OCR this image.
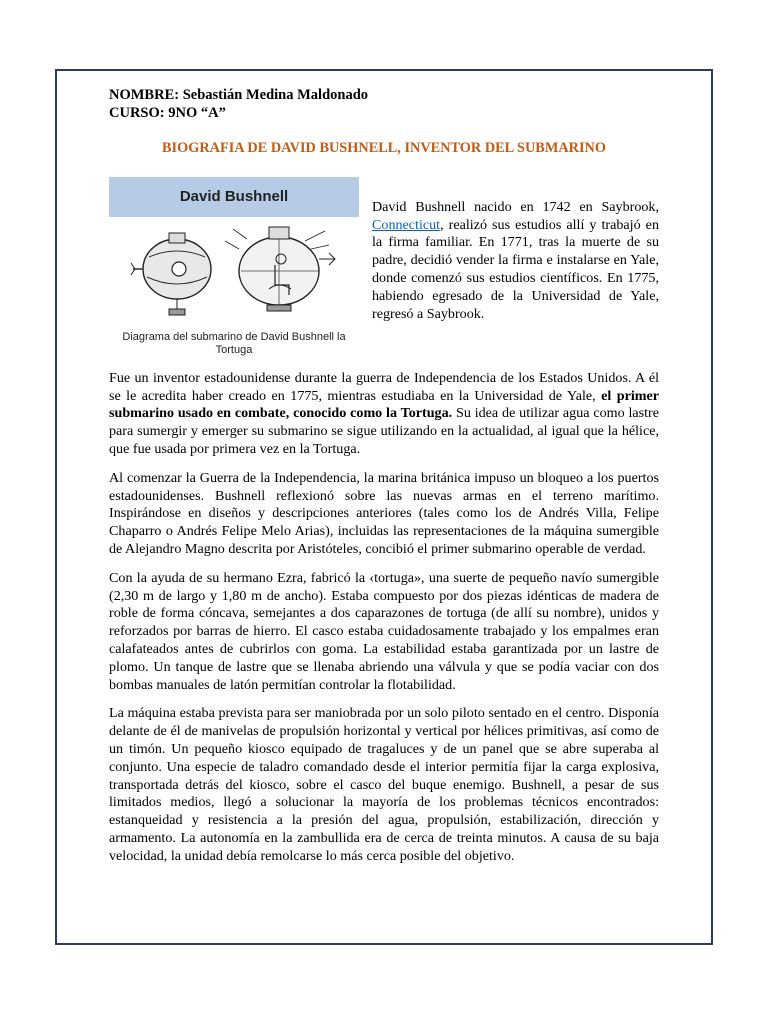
NOMBRE: Sebastián Medina Maldonado
CURSO: 9NO “A”
BIOGRAFIA DE DAVID BUSHNELL, INVENTOR DEL SUBMARINO
David Bushnell
Diagrama del submarino de David Bushnell la
Tortuga
David Bushnell nacido en 1742 en Saybrook, Connecticut, realizó sus estudios allí y trabajó en la firma familiar. En 1771, tras la muerte de su padre, decidió vender la firma e instalarse en Yale, donde comenzó sus estudios científicos. En 1775, habiendo egresado de la Universidad de Yale, regresó a Saybrook.

Fue un inventor estadounidense durante la guerra de Independencia de los Estados Unidos. A él se le acredita haber creado en 1775, mientras estudiaba en la Universidad de Yale, el primer submarino usado en combate, conocido como la Tortuga. Su idea de utilizar agua como lastre para sumergir y emerger su submarino se sigue utilizando en la actualidad, al igual que la hélice, que fue usada por primera vez en la Tortuga.

Al comenzar la Guerra de la Independencia, la marina británica impuso un bloqueo a los puertos estadounidenses. Bushnell reflexionó sobre las nuevas armas en el terreno marítimo. Inspirándose en diseños y descripciones anteriores (tales como los de Andrés Villa, Felipe Chaparro o Andrés Felipe Melo Arias), incluidas las representaciones de la máquina sumergible de Alejandro Magno descrita por Aristóteles, concibió el primer submarino operable de verdad.

Con la ayuda de su hermano Ezra, fabricó la ‹tortuga», una suerte de pequeño navío sumergible (2,30 m de largo y 1,80 m de ancho). Estaba compuesto por dos piezas idénticas de madera de roble de forma cóncava, semejantes a dos caparazones de tortuga (de allí su nombre), unidos y reforzados por barras de hierro. El casco estaba cuidadosamente trabajado y los empalmes eran calafateados antes de cubrirlos con goma. La estabilidad estaba garantizada por un lastre de plomo. Un tanque de lastre que se llenaba abriendo una válvula y que se podía vaciar con dos bombas manuales de latón permitían controlar la flotabilidad.

La máquina estaba prevista para ser maniobrada por un solo piloto sentado en el centro. Disponía delante de él de manivelas de propulsión horizontal y vertical por hélices primitivas, así como de un timón. Un pequeño kiosco equipado de tragaluces y de un panel que se abre superaba al conjunto. Una especie de taladro comandado desde el interior permitía fijar la carga explosiva, transportada detrás del kiosco, sobre el casco del buque enemigo. Bushnell, a pesar de sus limitados medios, llegó a solucionar la mayoría de los problemas técnicos encontrados: estanqueidad y resistencia a la presión del agua, propulsión, estabilización, dirección y armamento. La autonomía en la zambullida era de cerca de treinta minutos. A causa de su baja velocidad, la unidad debía remolcarse lo más cerca posible del objetivo.
